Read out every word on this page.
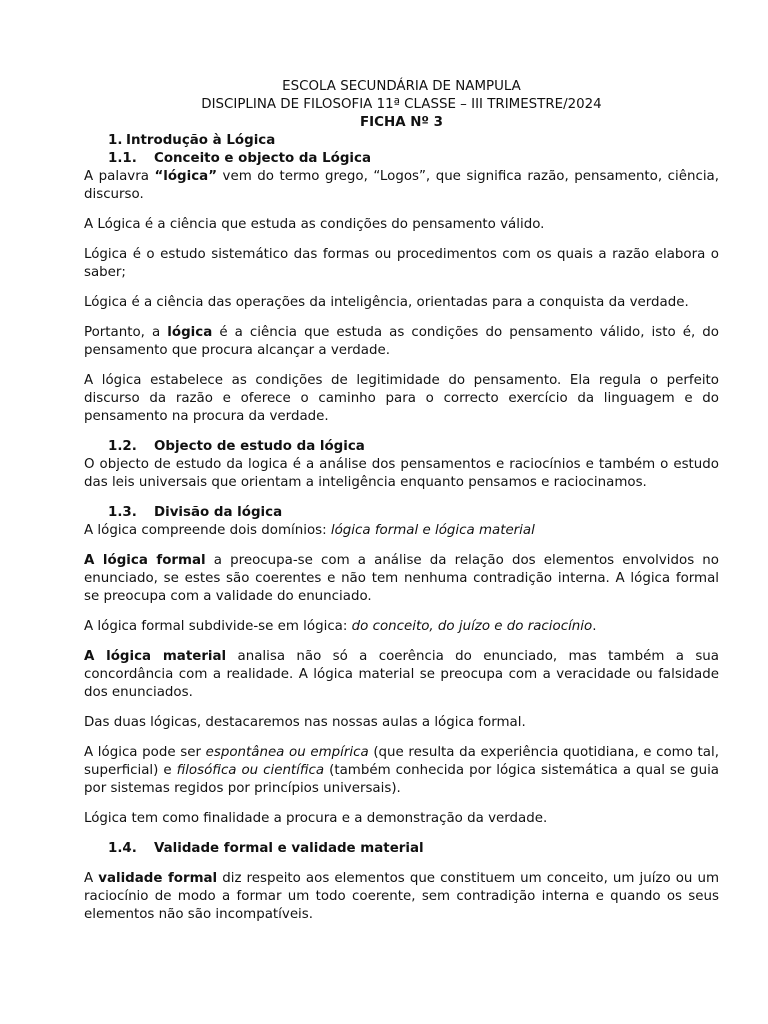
ESCOLA SECUNDÁRIA DE NAMPULA

DISCIPLINA DE FILOSOFIA 11ª CLASSE – III TRIMESTRE/2024

FICHA Nº 3

1. Introdução à Lógica

1.1. Conceito e objecto da Lógica

A palavra “lógica” vem do termo grego, “Logos”, que significa razão, pensamento, ciência, discurso.

A Lógica é a ciência que estuda as condições do pensamento válido.

Lógica é o estudo sistemático das formas ou procedimentos com os quais a razão elabora o saber;

Lógica é a ciência das operações da inteligência, orientadas para a conquista da verdade.

Portanto, a lógica é a ciência que estuda as condições do pensamento válido, isto é, do pensamento que procura alcançar a verdade.

A lógica estabelece as condições de legitimidade do pensamento. Ela regula o perfeito discurso da razão e oferece o caminho para o correcto exercício da linguagem e do pensamento na procura da verdade.

1.2. Objecto de estudo da lógica

O objecto de estudo da logica é a análise dos pensamentos e raciocínios e também o estudo das leis universais que orientam a inteligência enquanto pensamos e raciocinamos.

1.3. Divisão da lógica

A lógica compreende dois domínios: lógica formal e lógica material

A lógica formal a preocupa-se com a análise da relação dos elementos envolvidos no enunciado, se estes são coerentes e não tem nenhuma contradição interna. A lógica formal se preocupa com a validade do enunciado.

A lógica formal subdivide-se em lógica: do conceito, do juízo e do raciocínio.

A lógica material analisa não só a coerência do enunciado, mas também a sua concordância com a realidade. A lógica material se preocupa com a veracidade ou falsidade dos enunciados.

Das duas lógicas, destacaremos nas nossas aulas a lógica formal.

A lógica pode ser espontânea ou empírica (que resulta da experiência quotidiana, e como tal, superficial) e filosófica ou científica (também conhecida por lógica sistemática a qual se guia por sistemas regidos por princípios universais).

Lógica tem como finalidade a procura e a demonstração da verdade.

1.4. Validade formal e validade material

A validade formal diz respeito aos elementos que constituem um conceito, um juízo ou um raciocínio de modo a formar um todo coerente, sem contradição interna e quando os seus elementos não são incompatíveis.
